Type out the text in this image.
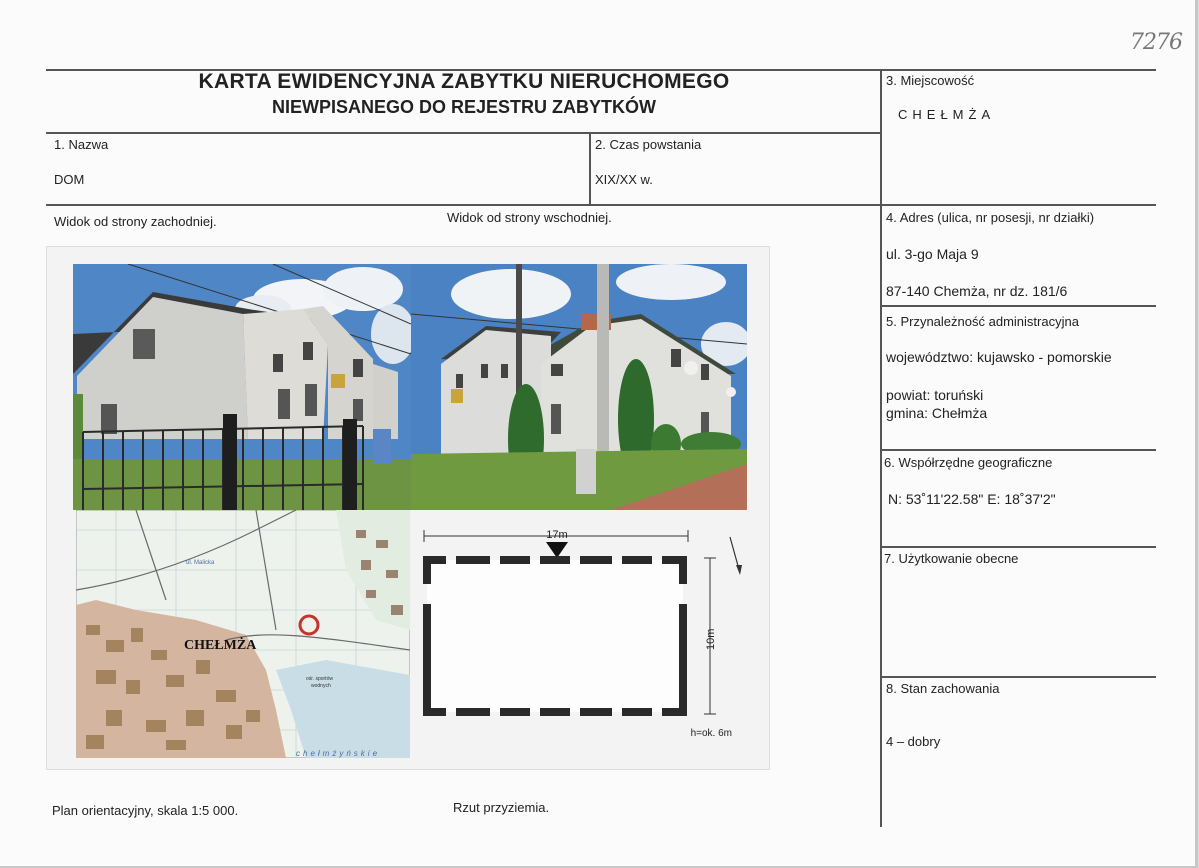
7276
KARTA EWIDENCYJNA ZABYTKU NIERUCHOMEGO
NIEWPISANEGO DO REJESTRU ZABYTKÓW
1. Nazwa
DOM
2. Czas powstania
XIX/XX w.
3. Miejscowość
CHEŁMŻA
4. Adres (ulica, nr posesji, nr działki)
ul. 3-go Maja 9
87-140 Chemża, nr dz. 181/6
5. Przynależność administracyjna
województwo: kujawsko - pomorskie
powiat: toruński
gmina: Chełmża
6. Współrzędne geograficzne
N: 53˚11'22.58" E: 18˚37'2"
7. Użytkowanie obecne
8. Stan zachowania
4 – dobry
Widok od strony zachodniej.	Widok od strony wschodniej.
Plan orientacyjny, skala 1:5 000.	Rzut przyziemia.
ul. Malicka
ośr. sportów
wodnych
CHEŁMŻA
chełmżyńskie
17m
10m
h=ok. 6m
